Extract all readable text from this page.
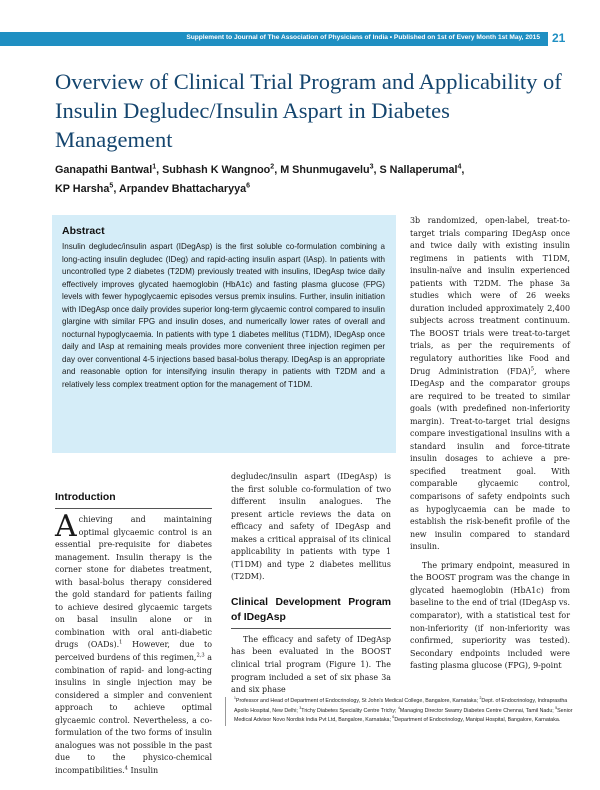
Supplement to Journal of The Association of Physicians of India • Published on 1st of Every Month 1st May, 2015 21
Overview of Clinical Trial Program and Applicability of Insulin Degludec/Insulin Aspart in Diabetes Management

Ganapathi Bantwal$^1$, Subhash K Wangnoo$^2$, M Shunmugavelu$^3$, S Nallaperumal$^4$,
KP Harsha$^5$, Arpandev Bhattacharyya$^6$

Abstract

Insulin degludec/insulin aspart (IDegAsp) is the first soluble co-formulation combining a long-acting insulin degludec (IDeg) and rapid-acting insulin aspart (IAsp). In patients with uncontrolled type 2 diabetes (T2DM) previously treated with insulins, IDegAsp twice daily effectively improves glycated haemoglobin (HbA1c) and fasting plasma glucose (FPG) levels with fewer hypoglycaemic episodes versus premix insulins. Further, insulin initiation with IDegAsp once daily provides superior long-term glycaemic control compared to insulin glargine with similar FPG and insulin doses, and numerically lower rates of overall and nocturnal hypoglycaemia. In patients with type 1 diabetes mellitus (T1DM), IDegAsp once daily and IAsp at remaining meals provides more convenient three injection regimen per day over conventional 4-5 injections based basal-bolus therapy. IDegAsp is an appropriate and reasonable option for intensifying insulin therapy in patients with T2DM and a relatively less complex treatment option for the management of T1DM.

Introduction

Achieving and maintaining optimal glycaemic control is an essential pre-requisite for diabetes management. Insulin therapy is the corner stone for diabetes treatment, with basal-bolus therapy considered the gold standard for patients failing to achieve desired glycaemic targets on basal insulin alone or in combination with oral anti-diabetic drugs (OADs).$^1$ However, due to perceived burdens of this regimen,$^{2,3}$ a combination of rapid- and long-acting insulins in single injection may be considered a simpler and convenient approach to achieve optimal glycaemic control. Nevertheless, a co-formulation of the two forms of insulin analogues was not possible in the past due to the physico-chemical incompatibilities.$^4$ Insulin

degludec/insulin aspart (IDegAsp) is the first soluble co-formulation of two different insulin analogues. The present article reviews the data on efficacy and safety of IDegAsp and makes a critical appraisal of its clinical applicability in patients with type 1 (T1DM) and type 2 diabetes mellitus (T2DM).

Clinical Development Program of IDegAsp

The efficacy and safety of IDegAsp has been evaluated in the BOOST clinical trial program (Figure 1). The program included a set of six phase 3a and six phase

3b randomized, open-label, treat-to-target trials comparing IDegAsp once and twice daily with existing insulin regimens in patients with T1DM, insulin-naïve and insulin experienced patients with T2DM. The phase 3a studies which were of 26 weeks duration included approximately 2,400 subjects across treatment continuum. The BOOST trials were treat-to-target trials, as per the requirements of regulatory authorities like Food and Drug Administration (FDA)$^5$, where IDegAsp and the comparator groups are required to be treated to similar goals (with predefined non-inferiority margin). Treat-to-target trial designs compare investigational insulins with a standard insulin and force-titrate insulin dosages to achieve a pre-specified treatment goal. With comparable glycaemic control, comparisons of safety endpoints such as hypoglycaemia can be made to establish the risk-benefit profile of the new insulin compared to standard insulin.

The primary endpoint, measured in the BOOST program was the change in glycated haemoglobin (HbA1c) from baseline to the end of trial (IDegAsp vs. comparator), with a statistical test for non-inferiority (if non-inferiority was confirmed, superiority was tested). Secondary endpoints included were fasting plasma glucose (FPG), 9-point

$^1$Professor and Head of Department of Endocrinology, St John's Medical College, Bangalore, Karnataka; $^2$Dept. of Endocrinology, Indraprastha Apollo Hospital, New Delhi; $^3$Trichy Diabetes Speciality Centre Trichy; $^4$Managing Director Swamy Diabetes Centre Chennai, Tamil Nadu; $^5$Senior Medical Advisor Novo Nordisk India Pvt Ltd, Bangalore, Karnataka; $^6$Department of Endocrinology, Manipal Hospital, Bangalore, Karnataka.
